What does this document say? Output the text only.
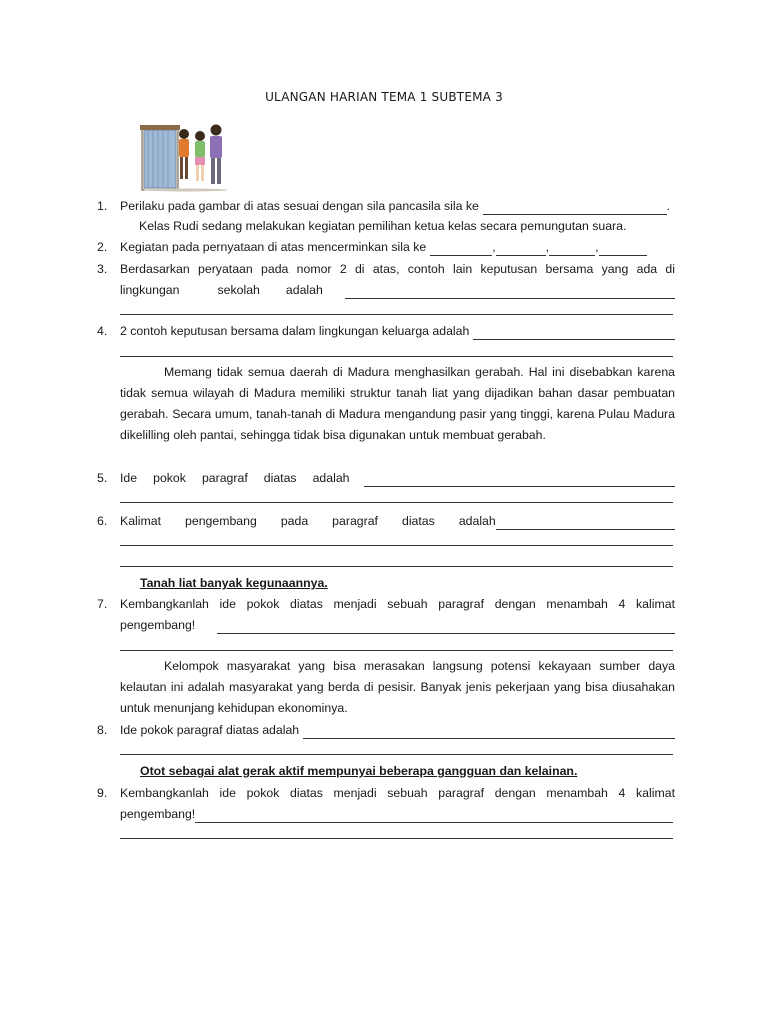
ULANGAN HARIAN TEMA 1 SUBTEMA 3
1.	Perilaku pada gambar di atas sesuai dengan sila pancasila sila ke	.
Kelas Rudi sedang melakukan kegiatan pemilihan ketua kelas secara pemungutan suara.
2.	Kegiatan pada pernyataan di atas mencerminkan sila ke	,	,	,
3.	Berdasarkan peryataan pada nomor 2 di atas, contoh lain keputusan bersama yang ada di
lingkungan	sekolah adalah
4.	2 contoh keputusan bersama dalam lingkungan keluarga adalah
Memang tidak semua daerah di Madura menghasilkan gerabah. Hal ini disebabkan karena tidak semua wilayah di Madura memiliki struktur tanah liat yang dijadikan bahan dasar pembuatan gerabah. Secara umum, tanah-tanah di Madura mengandung pasir yang tinggi, karena Pulau Madura dikelilling oleh pantai, sehingga tidak bisa digunakan untuk membuat gerabah.
5.	Ide pokok paragraf diatas adalah
6.	Kalimat pengembang pada paragraf diatas adalah
Tanah liat banyak kegunaannya.
7.	Kembangkanlah ide pokok diatas menjadi sebuah paragraf dengan menambah 4 kalimat
pengembang!
Kelompok masyarakat yang bisa merasakan langsung potensi kekayaan sumber daya kelautan ini adalah masyarakat yang berda di pesisir. Banyak jenis pekerjaan yang bisa diusahakan untuk menunjang kehidupan ekonominya.
8.	Ide pokok paragraf diatas adalah
Otot sebagai alat gerak aktif mempunyai beberapa gangguan dan kelainan.
9.	Kembangkanlah ide pokok diatas menjadi sebuah paragraf dengan menambah 4 kalimat
pengembang!
